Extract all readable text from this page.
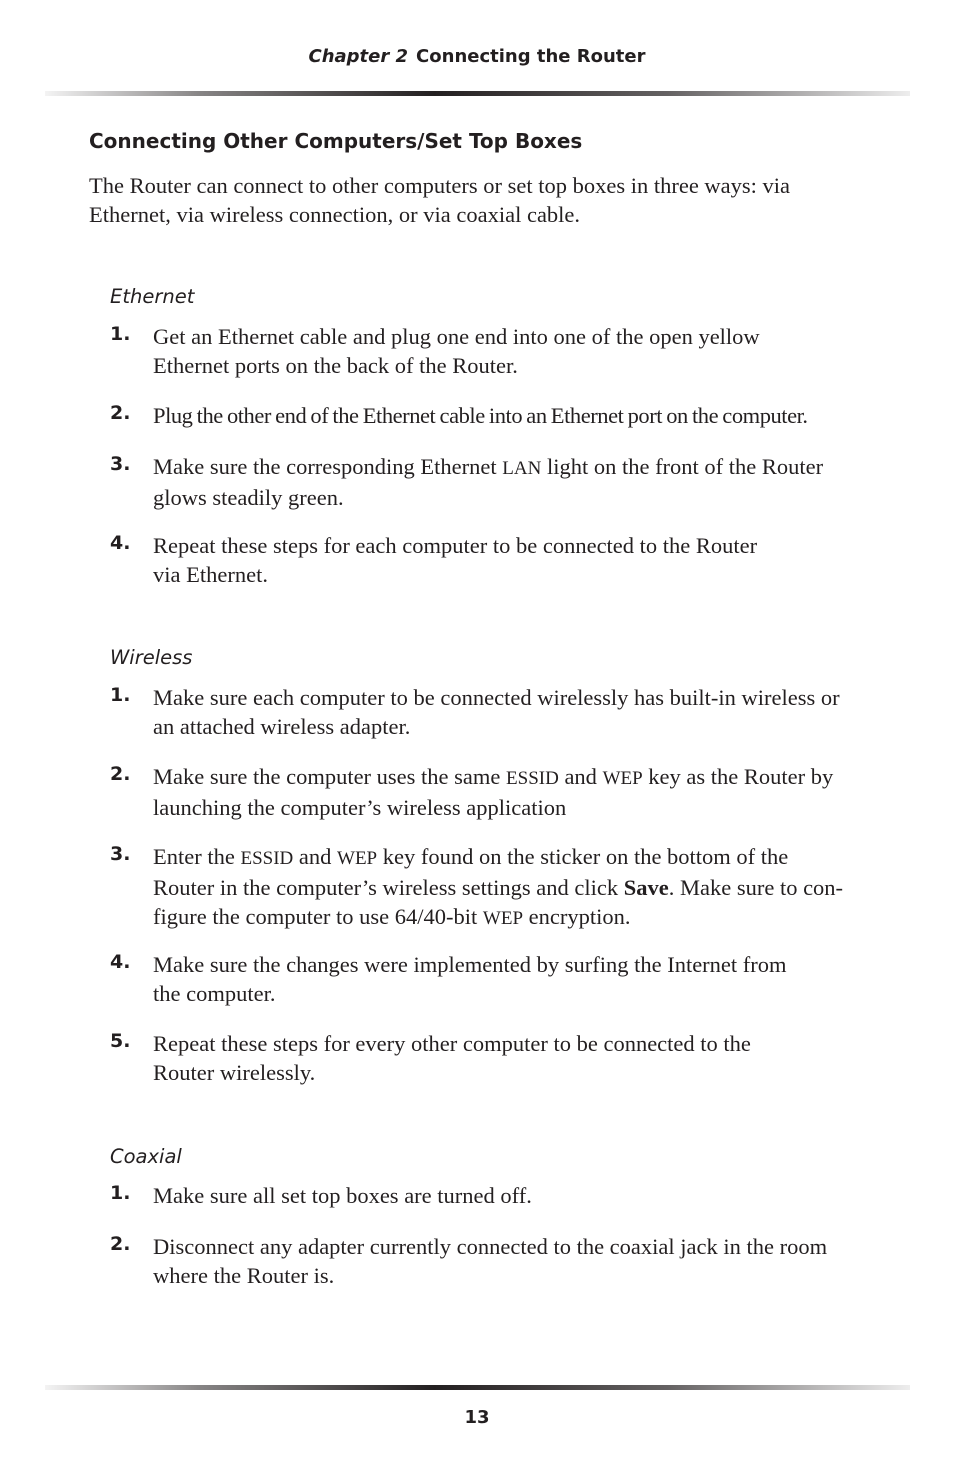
Chapter 2 Connecting the Router
Connecting Other Computers/Set Top Boxes
The Router can connect to other computers or set top boxes in three ways: via
Ethernet, via wireless connection, or via coaxial cable.
Ethernet
1. Get an Ethernet cable and plug one end into one of the open yellow
Ethernet ports on the back of the Router.
2. Plug the other end of the Ethernet cable into an Ethernet port on the computer.
3. Make sure the corresponding Ethernet LAN light on the front of the Router
glows steadily green.
4. Repeat these steps for each computer to be connected to the Router
via Ethernet.
Wireless
1. Make sure each computer to be connected wirelessly has built-in wireless or
an attached wireless adapter.
2. Make sure the computer uses the same ESSID and WEP key as the Router by
launching the computer’s wireless application
3. Enter the ESSID and WEP key found on the sticker on the bottom of the
Router in the computer’s wireless settings and click Save. Make sure to con-
figure the computer to use 64/40-bit WEP encryption.
4. Make sure the changes were implemented by surfing the Internet from
the computer.
5. Repeat these steps for every other computer to be connected to the
Router wirelessly.
Coaxial
1. Make sure all set top boxes are turned off.
2. Disconnect any adapter currently connected to the coaxial jack in the room
where the Router is.
13
